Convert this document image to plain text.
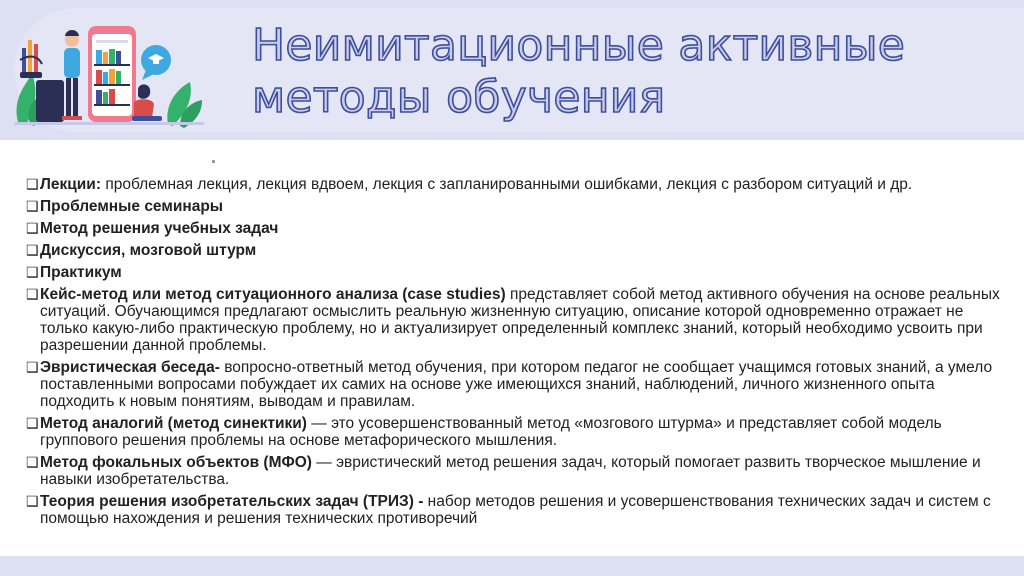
Неимитационные активные
методы обучения
❑ Лекции: проблемная лекция, лекция вдвоем, лекция с запланированными ошибками, лекция с разбором ситуаций и др.
❑ Проблемные семинары
❑ Метод решения учебных задач
❑ Дискуссия, мозговой штурм
❑ Практикум
❑ Кейс-метод или метод ситуационного анализа (case studies) представляет собой метод активного обучения на основе реальных ситуаций. Обучающимся предлагают осмыслить реальную жизненную ситуацию, описание которой одновременно отражает не только какую-либо практическую проблему, но и актуализирует определенный комплекс знаний, который необходимо усвоить при разрешении данной проблемы.
❑ Эвристическая беседа- вопросно-ответный метод обучения, при котором педагог не сообщает учащимся готовых знаний, а умело поставленными вопросами побуждает их самих на основе уже имеющихся знаний, наблюдений, личного жизненного опыта подходить к новым понятиям, выводам и правилам.
❑ Метод аналогий (метод синектики) — это усовершенствованный метод «мозгового штурма» и представляет собой модель группового решения проблемы на основе метафорического мышления.
❑ Метод фокальных объектов (МФО) — эвристический метод решения задач, который помогает развить творческое мышление и навыки изобретательства.
❑ Теория решения изобретательских задач (ТРИЗ) - набор методов решения и усовершенствования технических задач и систем с помощью нахождения и решения технических противоречий
